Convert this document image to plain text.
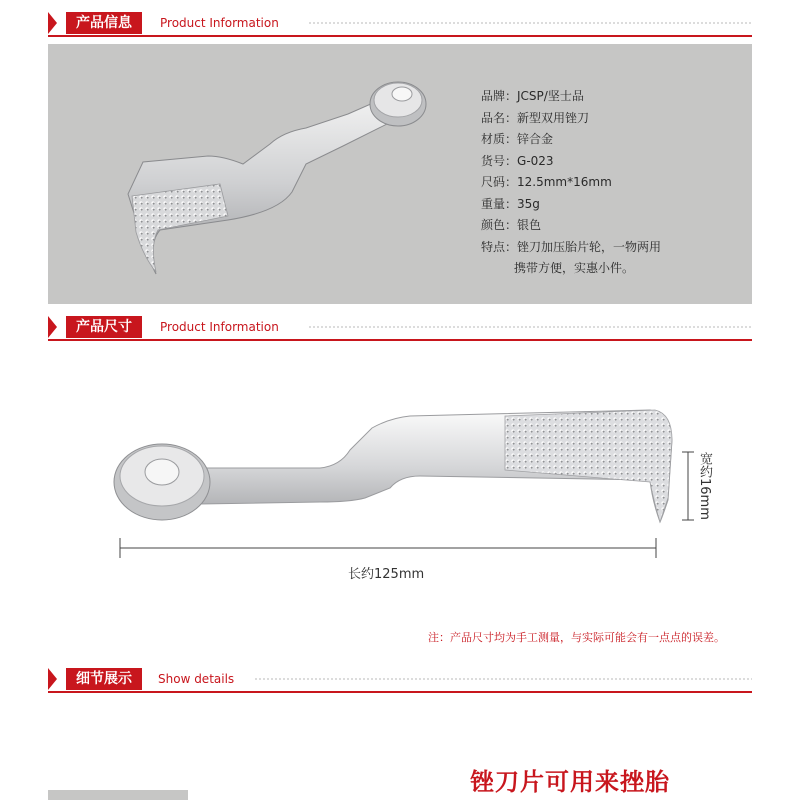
产品信息	Product Information
品牌：JCSP/坚士品
品名：新型双用锉刀
材质：锌合金
货号：G-023
尺码：12.5mm*16mm
重量：35g
颜色：银色
特点：锉刀加压胎片轮，一物两用
携带方便，实惠小件。
产品尺寸	Product Information
长约125mm
宽约16mm
注：产品尺寸均为手工测量，与实际可能会有一点点的误差。
细节展示	Show details
锉刀片可用来挫胎
